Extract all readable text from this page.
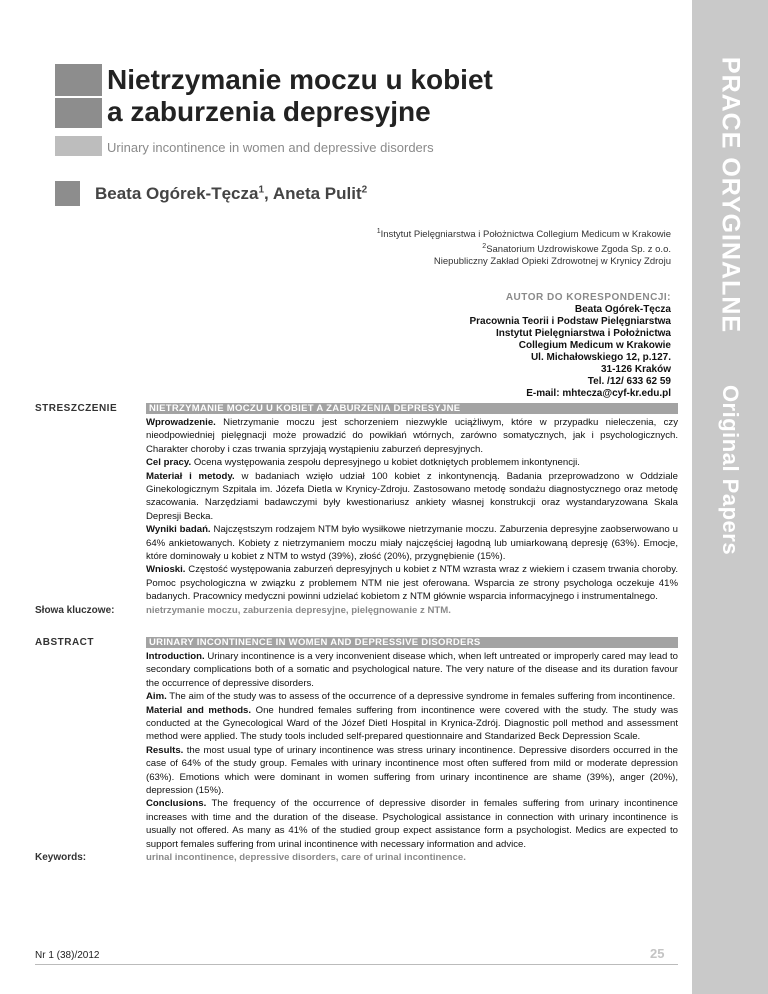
PRACE ORYGINALNE
Original Papers
Nietrzymanie moczu u kobiet
a zaburzenia depresyjne
Urinary incontinence in women and depressive disorders
Beata Ogórek-Tęcza$^1$, Aneta Pulit$^2$
$^1$Instytut Pielęgniarstwa i Położnictwa Collegium Medicum w Krakowie
$^2$Sanatorium Uzdrowiskowe Zgoda Sp. z o.o.
Niepubliczny Zakład Opieki Zdrowotnej w Krynicy Zdroju
AUTOR DO KORESPONDENCJI:
Beata Ogórek-Tęcza
Pracownia Teorii i Podstaw Pielęgniarstwa
Instytut Pielęgniarstwa i Położnictwa
Collegium Medicum w Krakowie
Ul. Michałowskiego 12, p.127.
31-126 Kraków
Tel. /12/ 633 62 59
E-mail: mhtecza@cyf-kr.edu.pl
STRESZCZENIE	NIETRZYMANIE MOCZU U KOBIET A ZABURZENIA DEPRESYJNE

Wprowadzenie. Nietrzymanie moczu jest schorzeniem niezwykle uciążliwym, które w przypadku nieleczenia, czy nieodpowiedniej pielęgnacji może prowadzić do powikłań wtórnych, zarówno somatycznych, jak i psychologicznych. Charakter choroby i czas trwania sprzyjają wystąpieniu zaburzeń depresyjnych.

Cel pracy. Ocena występowania zespołu depresyjnego u kobiet dotkniętych problemem inkontynencji.

Materiał i metody. w badaniach wzięło udział 100 kobiet z inkontynencją. Badania przeprowadzono w Oddziale Ginekologicznym Szpitala im. Józefa Dietla w Krynicy-Zdroju. Zastosowano metodę sondażu diagnostycznego oraz metodę szacowania. Narzędziami badawczymi były kwestionariusz ankiety własnej konstrukcji oraz wystandaryzowana Skala Depresji Becka.

Wyniki badań. Najczęstszym rodzajem NTM było wysiłkowe nietrzymanie moczu. Zaburzenia depresyjne zaobserwowano u 64% ankietowanych. Kobiety z nietrzymaniem moczu miały najczęściej łagodną lub umiarkowaną depresję (63%). Emocje, które dominowały u kobiet z NTM to wstyd (39%), złość (20%), przygnębienie (15%).

Wnioski. Częstość występowania zaburzeń depresyjnych u kobiet z NTM wzrasta wraz z wiekiem i czasem trwania choroby. Pomoc psychologiczna w związku z problemem NTM nie jest oferowana. Wsparcia ze strony psychologa oczekuje 41% badanych. Pracownicy medyczni powinni udzielać kobietom z NTM głównie wsparcia informacyjnego i instrumentalnego.

Słowa kluczowe:	nietrzymanie moczu, zaburzenia depresyjne, pielęgnowanie z NTM.
ABSTRACT	URINARY INCONTINENCE IN WOMEN AND DEPRESSIVE DISORDERS

Introduction. Urinary incontinence is a very inconvenient disease which, when left untreated or improperly cared may lead to secondary complications both of a somatic and psychological nature. The very nature of the disease and its duration favour the occurrence of depressive disorders.

Aim. The aim of the study was to assess of the occurrence of a depressive syndrome in females suffering from incontinence.

Material and methods. One hundred females suffering from incontinence were covered with the study. The study was conducted at the Gynecological Ward of the Józef Dietl Hospital in Krynica-Zdrój. Diagnostic poll method and assessment method were applied. The study tools included self-prepared questionnaire and Standarized Beck Depression Scale.

Results. the most usual type of urinary incontinence was stress urinary incontinence. Depressive disorders occurred in the case of 64% of the study group. Females with urinary incontinence most often suffered from mild or moderate depression (63%). Emotions which were dominant in women suffering from urinary incontinence are shame (39%), anger (20%), depression (15%).

Conclusions. The frequency of the occurrence of depressive disorder in females suffering from urinary incontinence increases with time and the duration of the disease. Psychological assistance in connection with urinary incontinence is usually not offered. As many as 41% of the studied group expect assistance form a psychologist. Medics are expected to support females suffering from urinal incontinence with necessary information and advice.

Keywords:	urinal incontinence, depressive disorders, care of urinal incontinence.
Nr 1 (38)/2012	25
